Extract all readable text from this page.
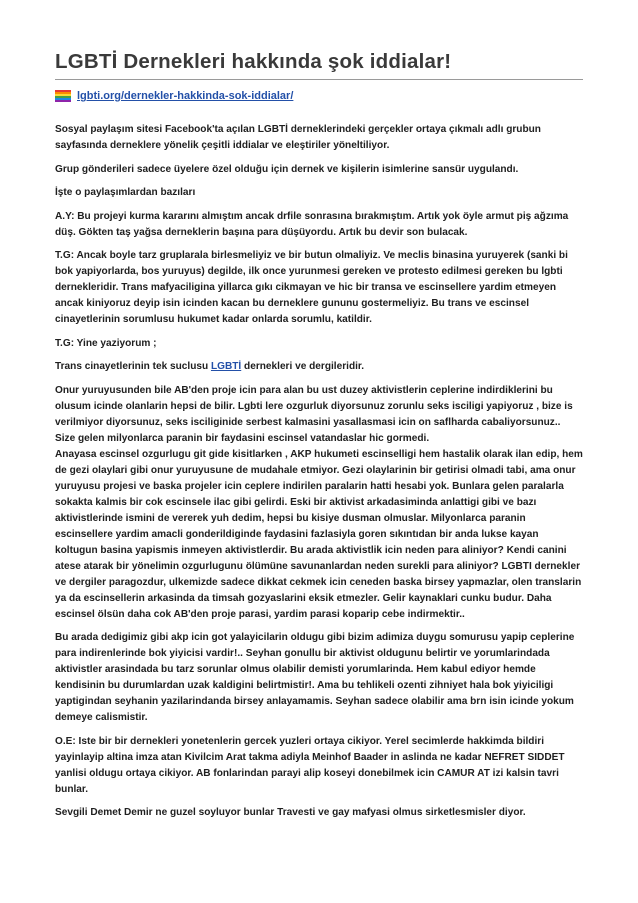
LGBTİ Dernekleri hakkında şok iddialar!
lgbti.org/dernekler-hakkinda-sok-iddialar/

Sosyal paylaşım sitesi Facebook'ta açılan LGBTİ derneklerindeki gerçekler ortaya çıkmalı adlı grubun sayfasında derneklere yönelik çeşitli iddialar ve eleştiriler yöneltiliyor.

Grup gönderileri sadece üyelere özel olduğu için dernek ve kişilerin isimlerine sansür uygulandı.

İşte o paylaşımlardan bazıları

A.Y: Bu projeyi kurma kararını almıştım ancak drfile sonrasına bırakmıştım. Artık yok öyle armut piş ağzıma düş. Gökten taş yağsa derneklerin başına para düşüyordu. Artık bu devir son bulacak.

T.G: Ancak boyle tarz gruplarala birlesmeliyiz ve bir butun olmaliyiz. Ve meclis binasina yuruyerek (sanki bi bok yapiyorlarda, bos yuruyus) degilde, ilk once yurunmesi gereken ve protesto edilmesi gereken bu lgbti dernekleridir. Trans mafyaciligina yillarca gıkı cikmayan ve hic bir transa ve escinsellere yardim etmeyen ancak kiniyoruz deyip isin icinden kacan bu derneklere gununu gostermeliyiz. Bu trans ve escinsel cinayetlerinin sorumlusu hukumet kadar onlarda sorumlu, katildir.

T.G: Yine yaziyorum ;

Trans cinayetlerinin tek suclusu LGBTİ dernekleri ve dergileridir.

Onur yuruyusunden bile AB'den proje icin para alan bu ust duzey aktivistlerin ceplerine indirdiklerini bu olusum icinde olanlarin hepsi de bilir. Lgbti lere ozgurluk diyorsunuz zorunlu seks isciligi yapiyoruz , bize is verilmiyor diyorsunuz, seks isciliginide serbest kalmasini yasallasmasi icin on saflharda cabaliyorsunuz.. Size gelen milyonlarca paranin bir faydasini escinsel vatandaslar hic gormedi.

Anayasa escinsel ozgurlugu git gide kisitlarken , AKP hukumeti escinselligi hem hastalik olarak ilan edip, hem de gezi olaylari gibi onur yuruyusune de mudahale etmiyor. Gezi olaylarinin bir getirisi olmadi tabi, ama onur yuruyusu projesi ve baska projeler icin ceplere indirilen paralarin hatti hesabi yok. Bunlara gelen paralarla sokakta kalmis bir cok escinsele ilac gibi gelirdi. Eski bir aktivist arkadasiminda anlattigi gibi ve bazı aktivistlerinde ismini de vererek yuh dedim, hepsi bu kisiye dusman olmuslar. Milyonlarca paranin escinsellere yardim amacli gonderildiginde faydasini fazlasiyla goren sıkıntıdan bir anda lukse kayan koltugun basina yapismis inmeyen aktivistlerdir. Bu arada aktivistlik icin neden para aliniyor? Kendi canini atese atarak bir yönelimin ozgurlugunu ölümüne savunanlardan neden surekli para aliniyor? LGBTI dernekler ve dergiler paragozdur, ulkemizde sadece dikkat cekmek icin ceneden baska birsey yapmazlar, olen translarin ya da escinsellerin arkasinda da timsah gozyaslarini eksik etmezler. Gelir kaynaklari cunku budur. Daha escinsel ölsün daha cok AB'den proje parasi, yardim parasi koparip cebe indirmektir..

Bu arada dedigimiz gibi akp icin got yalayicilarin oldugu gibi bizim adimiza duygu somurusu yapip ceplerine para indirenlerinde bok yiyicisi vardir!.. Seyhan gonullu bir aktivist oldugunu belirtir ve yorumlarindada aktivistler arasindada bu tarz sorunlar olmus olabilir demisti yorumlarinda. Hem kabul ediyor hemde kendisinin bu durumlardan uzak kaldigini belirtmistir!. Ama bu tehlikeli ozenti zihniyet hala bok yiyiciligi yaptigindan seyhanin yazilarindanda birsey anlayamamis. Seyhan sadece olabilir ama brn isin icinde yokum demeye calismistir.

O.E: Iste bir bir dernekleri yonetenlerin gercek yuzleri ortaya cikiyor. Yerel secimlerde hakkimda bildiri yayinlayip altina imza atan Kivilcim Arat takma adiyla Meinhof Baader in aslinda ne kadar NEFRET SIDDET yanlisi oldugu ortaya cikiyor. AB fonlarindan parayi alip koseyi donebilmek icin CAMUR AT izi kalsin tavri bunlar.

Sevgili Demet Demir ne guzel soyluyor bunlar Travesti ve gay mafyasi olmus sirketlesmisler diyor.
